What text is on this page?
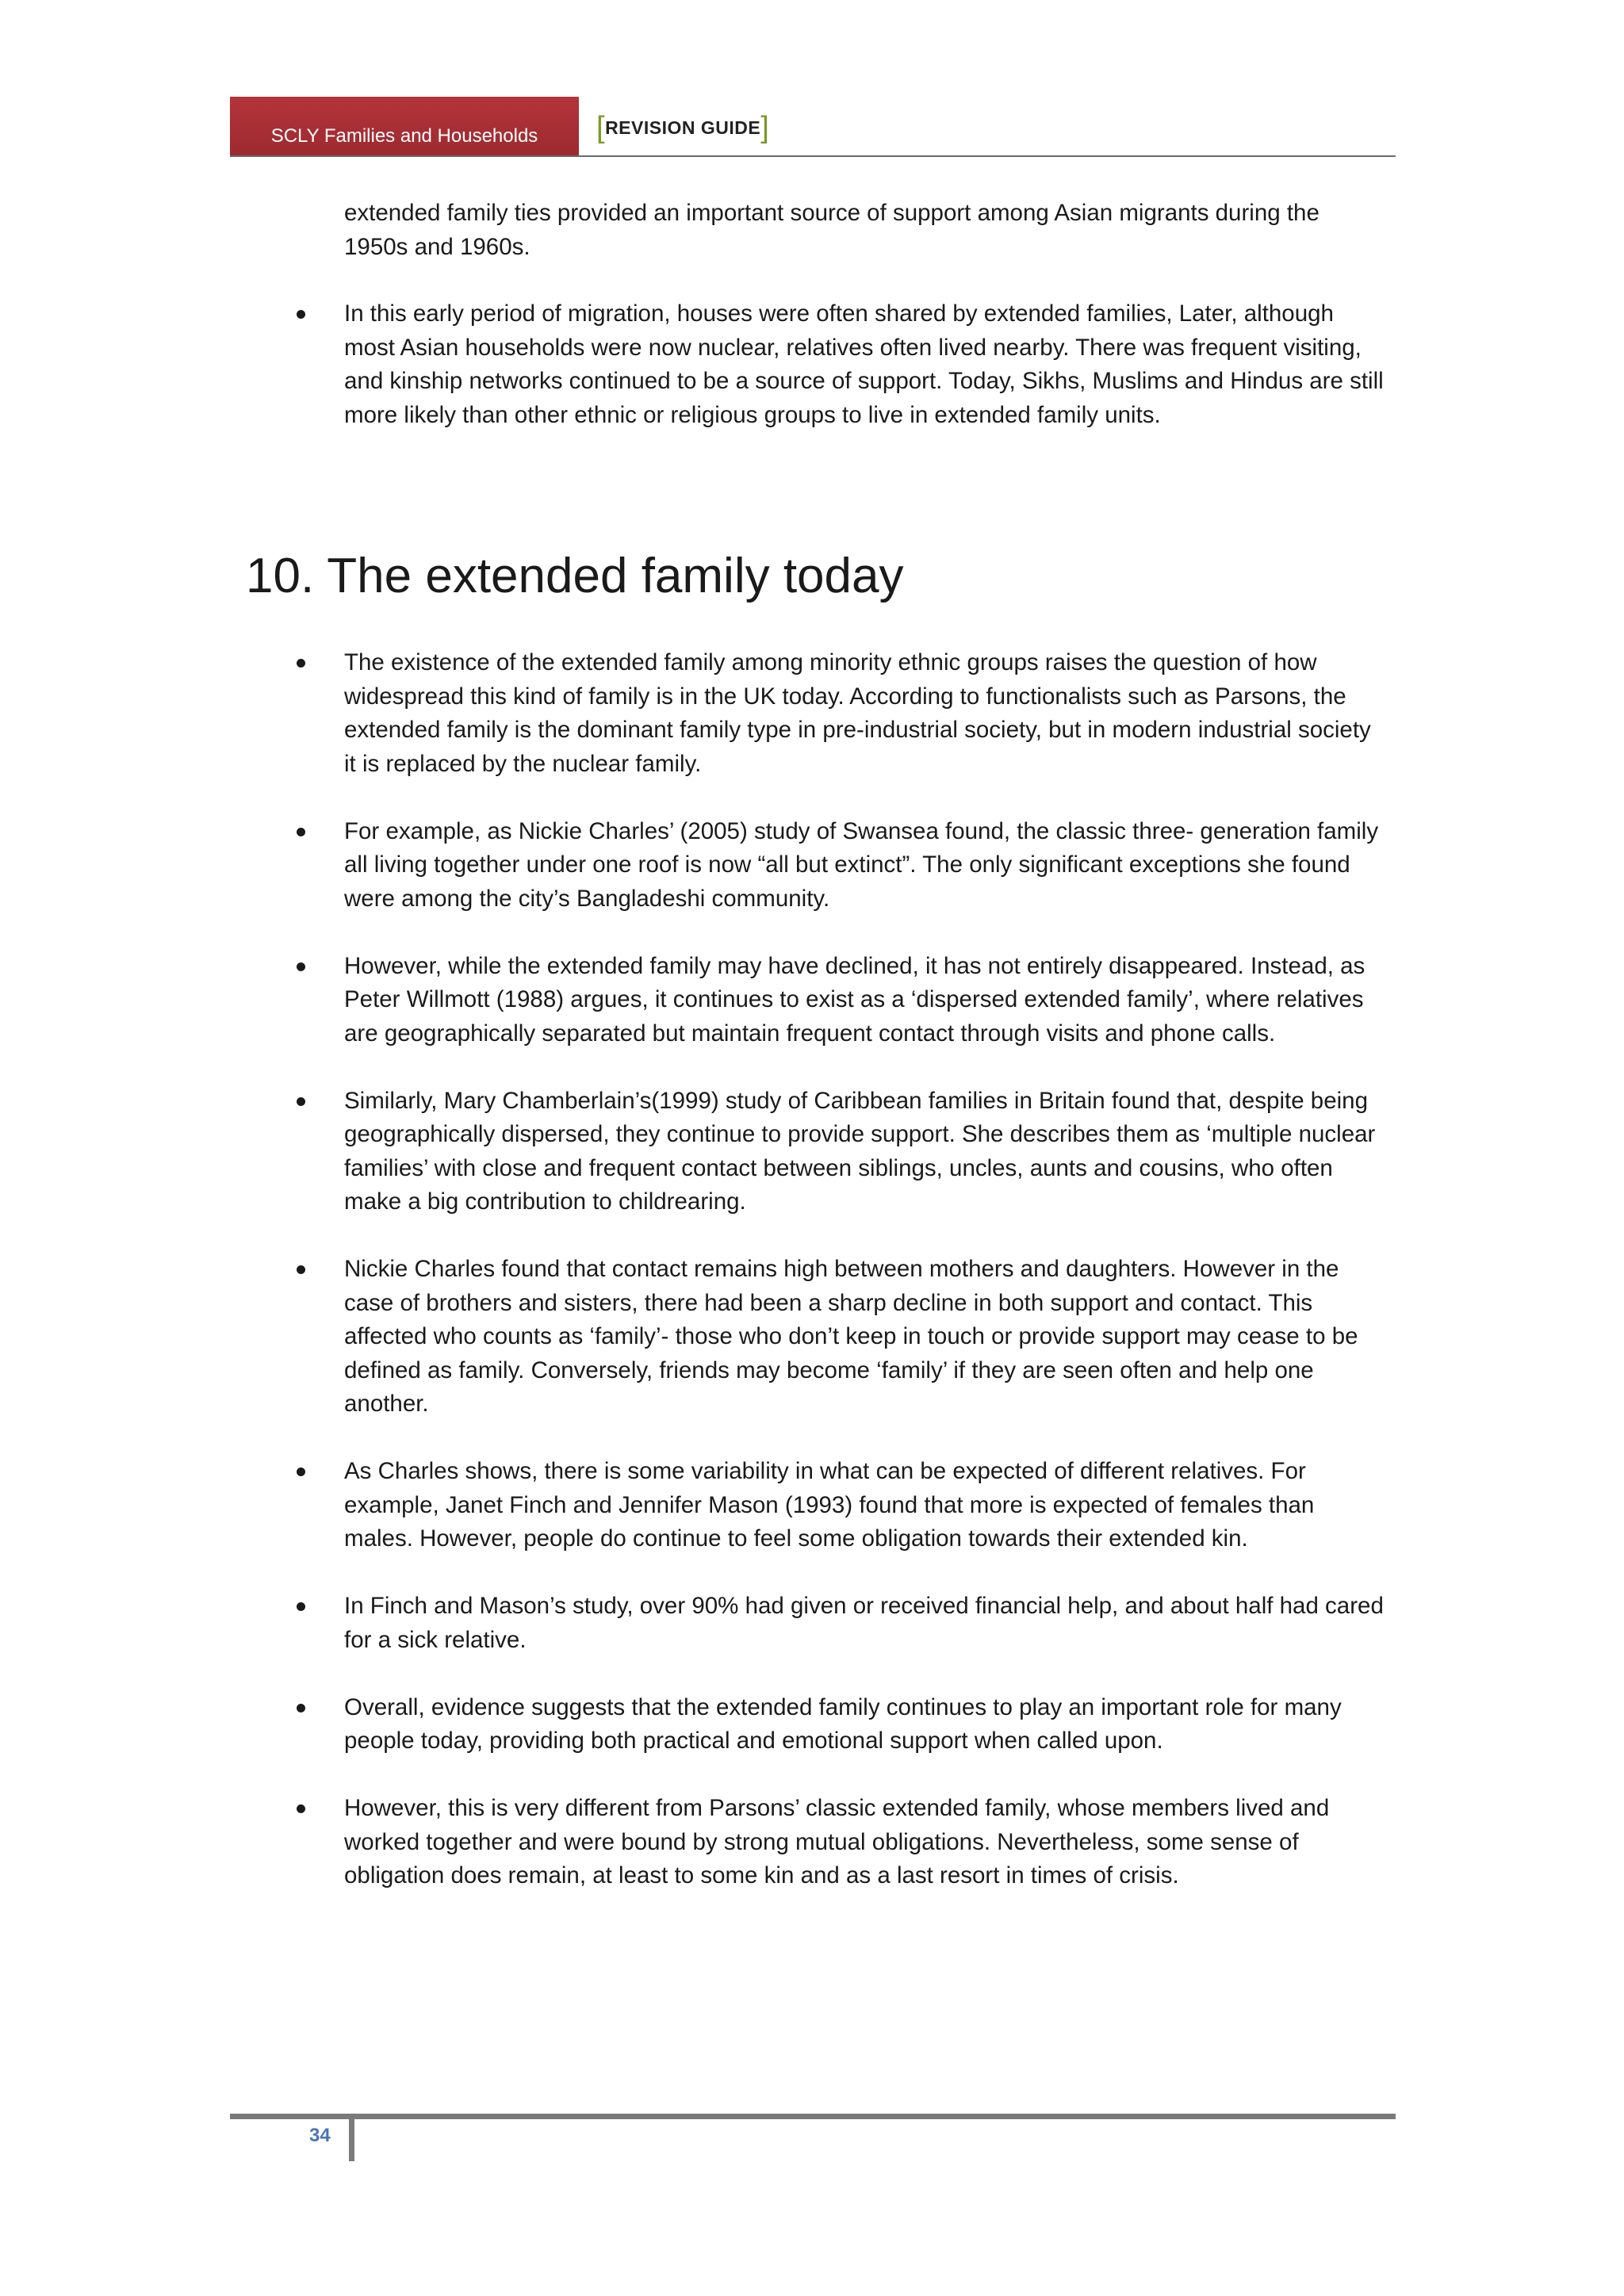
SCLY Families and Households [REVISION GUIDE]

extended family ties provided an important source of support among Asian migrants during the 1950s and 1960s.

In this early period of migration, houses were often shared by extended families, Later, although most Asian households were now nuclear, relatives often lived nearby. There was frequent visiting, and kinship networks continued to be a source of support. Today, Sikhs, Muslims and Hindus are still more likely than other ethnic or religious groups to live in extended family units.
10. The extended family today
The existence of the extended family among minority ethnic groups raises the question of how widespread this kind of family is in the UK today. According to functionalists such as Parsons, the extended family is the dominant family type in pre-industrial society, but in modern industrial society it is replaced by the nuclear family.
For example, as Nickie Charles’ (2005) study of Swansea found, the classic three- generation family all living together under one roof is now “all but extinct”. The only significant exceptions she found were among the city’s Bangladeshi community.
However, while the extended family may have declined, it has not entirely disappeared. Instead, as Peter Willmott (1988) argues, it continues to exist as a ‘dispersed extended family’, where relatives are geographically separated but maintain frequent contact through visits and phone calls.
Similarly, Mary Chamberlain’s(1999) study of Caribbean families in Britain found that, despite being geographically dispersed, they continue to provide support. She describes them as ‘multiple nuclear families’ with close and frequent contact between siblings, uncles, aunts and cousins, who often make a big contribution to childrearing.
Nickie Charles found that contact remains high between mothers and daughters. However in the case of brothers and sisters, there had been a sharp decline in both support and contact. This affected who counts as ‘family’- those who don’t keep in touch or provide support may cease to be defined as family. Conversely, friends may become ‘family’ if they are seen often and help one another.
As Charles shows, there is some variability in what can be expected of different relatives. For example, Janet Finch and Jennifer Mason (1993) found that more is expected of females than males. However, people do continue to feel some obligation towards their extended kin.
In Finch and Mason’s study, over 90% had given or received financial help, and about half had cared for a sick relative.
Overall, evidence suggests that the extended family continues to play an important role for many people today, providing both practical and emotional support when called upon.
However, this is very different from Parsons’ classic extended family, whose members lived and worked together and were bound by strong mutual obligations. Nevertheless, some sense of obligation does remain, at least to some kin and as a last resort in times of crisis.
34
